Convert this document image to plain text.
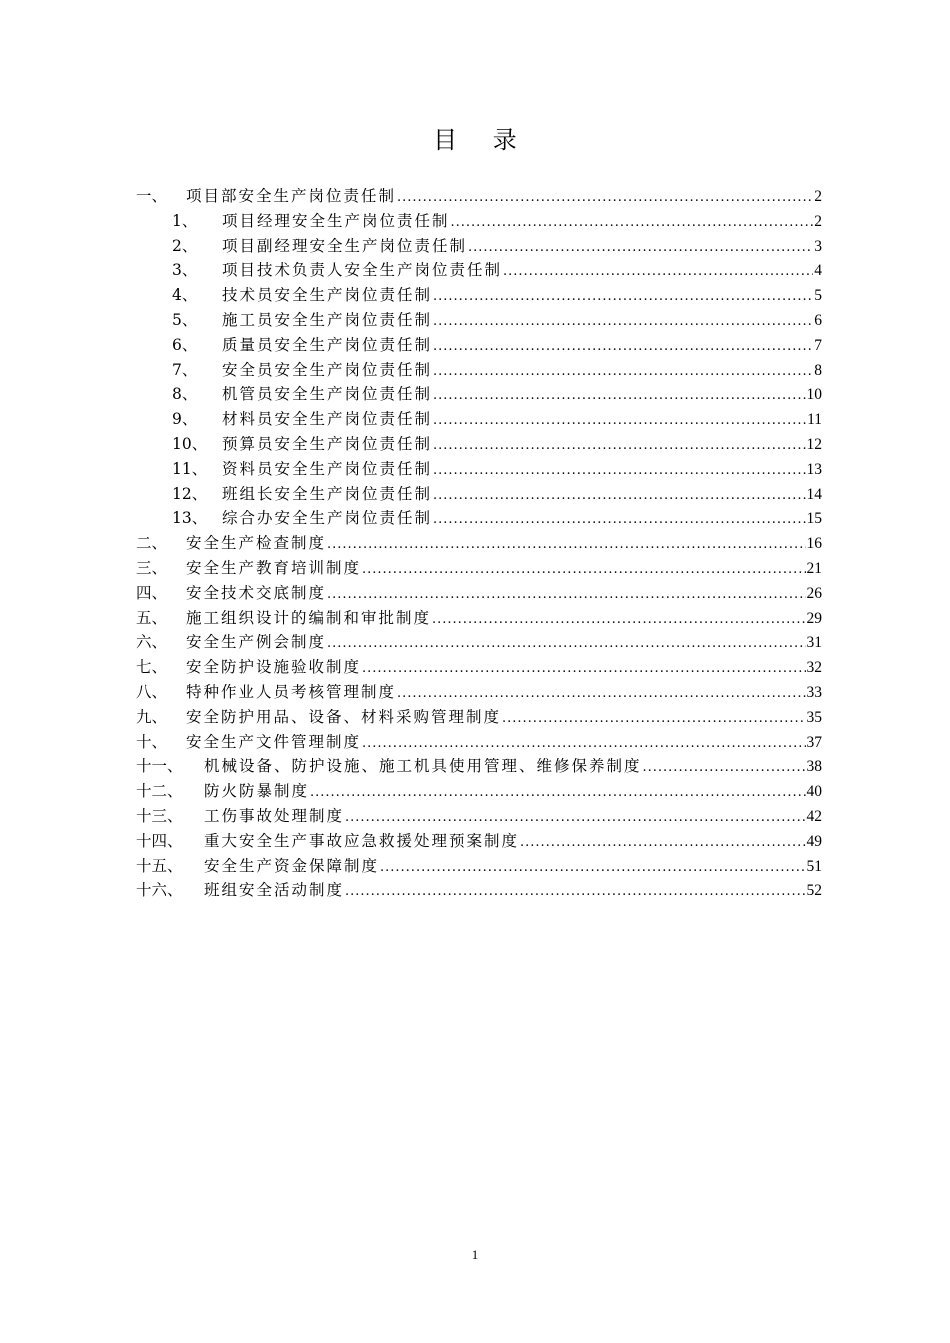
目 录
一、	项目部安全生产岗位责任制 .....	2
1、	项目经理安全生产岗位责任制 .....	2
2、	项目副经理安全生产岗位责任制 .....	3
3、	项目技术负责人安全生产岗位责任制 .....	4
4、	技术员安全生产岗位责任制 .....	5
5、	施工员安全生产岗位责任制 .....	6
6、	质量员安全生产岗位责任制 .....	7
7、	安全员安全生产岗位责任制 .....	8
8、	机管员安全生产岗位责任制 .....	10
9、	材料员安全生产岗位责任制 .....	11
10、 预算员安全生产岗位责任制 .....	12
11、 资料员安全生产岗位责任制 .....	13
12、 班组长安全生产岗位责任制 .....	14
13、 综合办安全生产岗位责任制 .....	15
二、	安全生产检查制度 .....	16
三、	安全生产教育培训制度 .....	21
四、	安全技术交底制度 .....	26
五、	施工组织设计的编制和审批制度 .....	29
六、	安全生产例会制度 .....	31
七、	安全防护设施验收制度 .....	32
八、	特种作业人员考核管理制度 .....	33
九、	安全防护用品、设备、材料采购管理制度 .....	35
十、	安全生产文件管理制度 .....	37
十一、	机械设备、防护设施、施工机具使用管理、维修保养制度 .....	38
十二、	防火防暴制度 .....	40
十三、	工伤事故处理制度 .....	42
十四、	重大安全生产事故应急救援处理预案制度 .....	49
十五、	安全生产资金保障制度 .....	51
十六、	班组安全活动制度 .....	52
1
